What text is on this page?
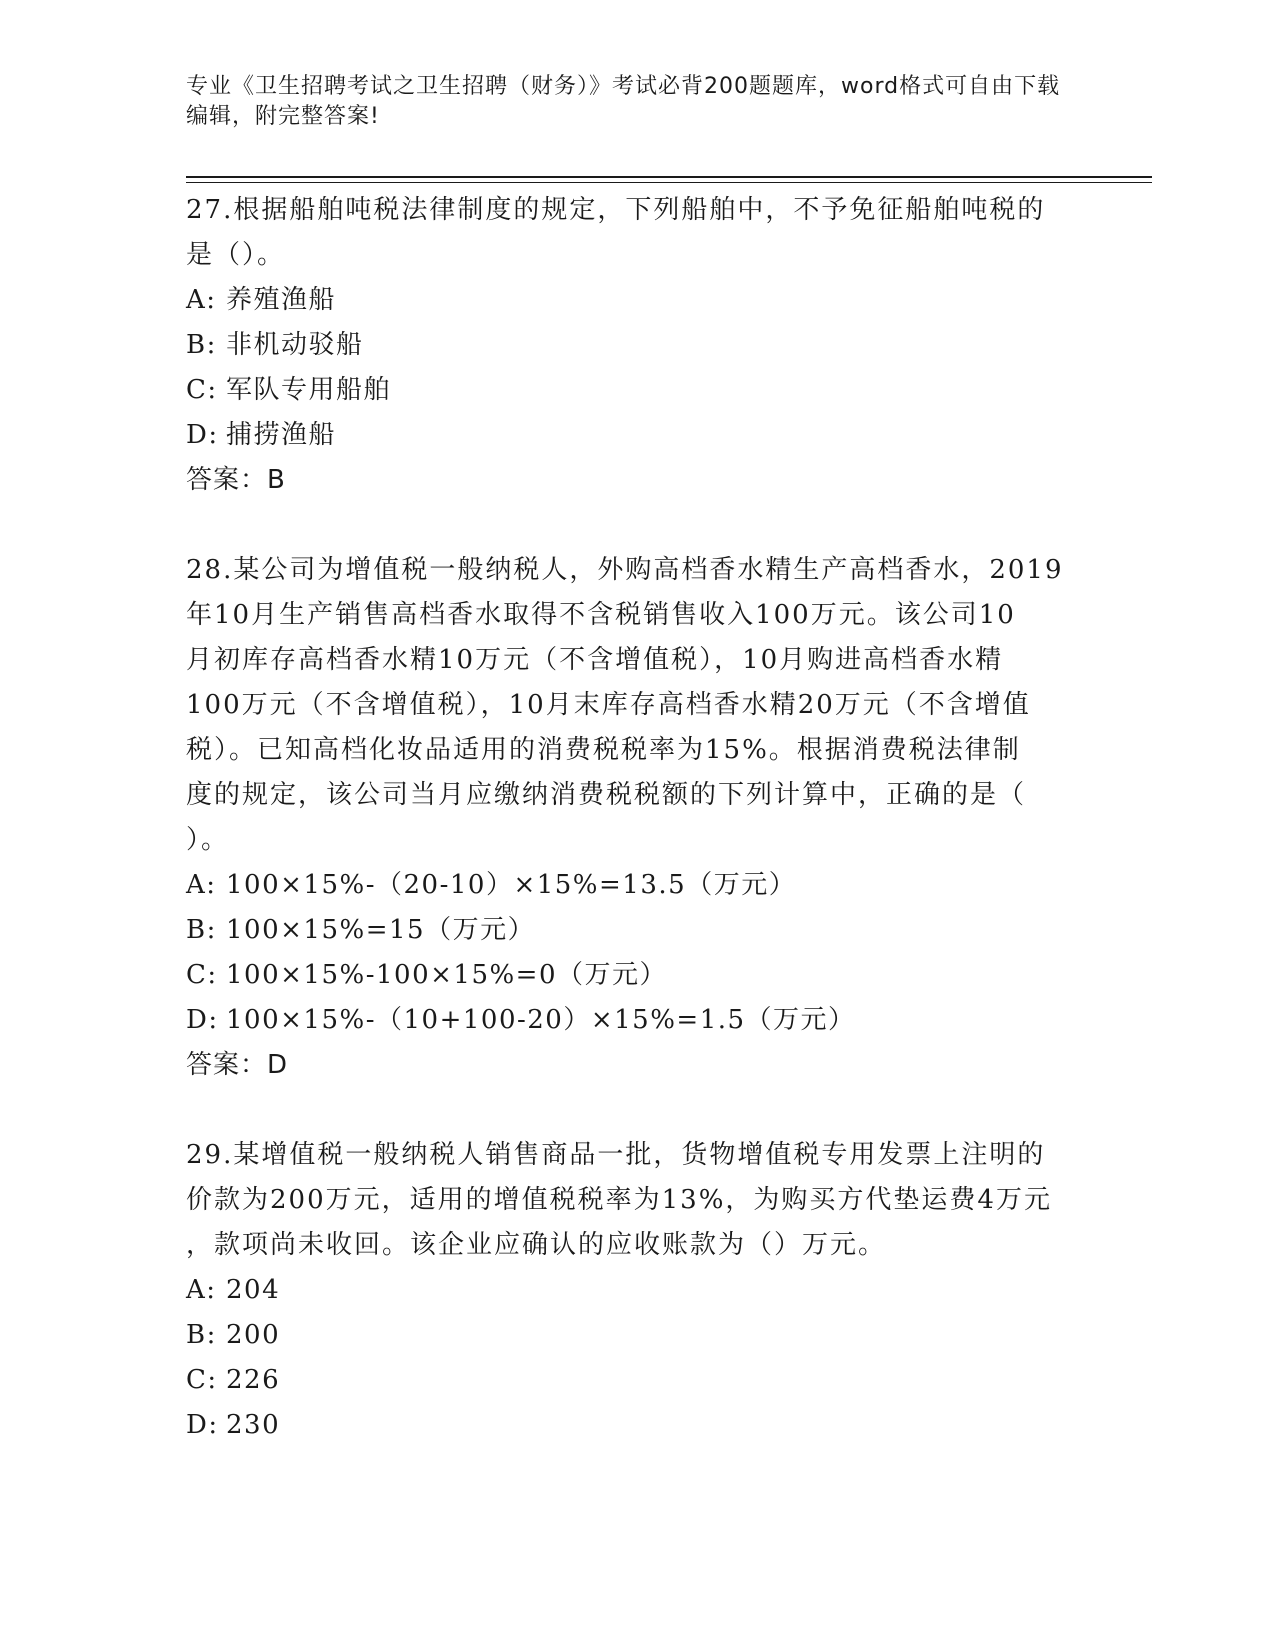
专业《卫生招聘考试之卫生招聘（财务）》考试必背200题题库，word格式可自由下载编辑，附完整答案!

27.根据船舶吨税法律制度的规定，下列船舶中，不予免征船舶吨税的
是（）。

A: 养殖渔船

B: 非机动驳船

C: 军队专用船舶

D: 捕捞渔船

答案：B

28.某公司为增值税一般纳税人，外购高档香水精生产高档香水，2019
年10月生产销售高档香水取得不含税销售收入100万元。该公司10
月初库存高档香水精10万元（不含增值税），10月购进高档香水精
100万元（不含增值税），10月末库存高档香水精20万元（不含增值
税）。已知高档化妆品适用的消费税税率为15%。根据消费税法律制
度的规定，该公司当月应缴纳消费税税额的下列计算中，正确的是（
）。

A: 100×15%-（20-10）×15%=13.5（万元）

B: 100×15%=15（万元）

C: 100×15%-100×15%=0（万元）

D: 100×15%-（10+100-20）×15%=1.5（万元）

答案：D

29.某增值税一般纳税人销售商品一批，货物增值税专用发票上注明的
价款为200万元，适用的增值税税率为13%，为购买方代垫运费4万元
，款项尚未收回。该企业应确认的应收账款为（）万元。

A: 204

B: 200

C: 226

D: 230
